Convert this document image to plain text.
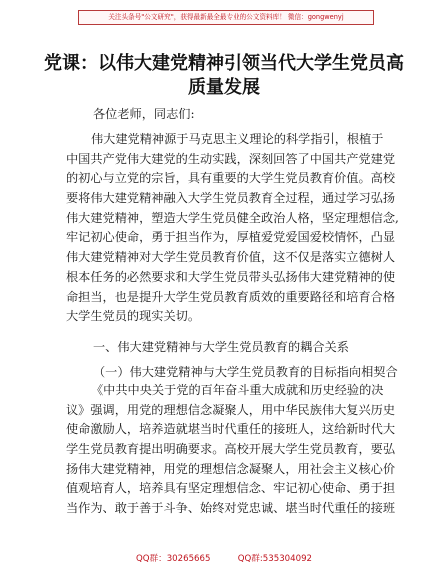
关注头条号"公文研究"，获得最新最全最专业的公文资料库！ 微信：gongwenyj
党课：以伟大建党精神引领当代大学生党员高
质量发展
各位老师，同志们:
伟大建党精神源于马克思主义理论的科学指引，根植于
中国共产党伟大建党的生动实践，深刻回答了中国共产党建党
的初心与立党的宗旨，具有重要的大学生党员教育价值。高校
要将伟大建党精神融入大学生党员教育全过程，通过学习弘扬
伟大建党精神，塑造大学生党员健全政治人格，坚定理想信念,
牢记初心使命，勇于担当作为，厚植爱党爱国爱校情怀，凸显
伟大建党精神对大学生党员教育价值，这不仅是落实立德树人
根本任务的必然要求和大学生党员带头弘扬伟大建党精神的使
命担当，也是提升大学生党员教育质效的重要路径和培育合格
大学生党员的现实关切。
一、伟大建党精神与大学生党员教育的耦合关系
（一）伟大建党精神与大学生党员教育的目标指向相契合
《中共中央关于党的百年奋斗重大成就和历史经验的决
议》强调，用党的理想信念凝聚人，用中华民族伟大复兴历史
使命激励人，培养造就堪当时代重任的接班人，这给新时代大
学生党员教育提出明确要求。高校开展大学生党员教育，要弘
扬伟大建党精神，用党的理想信念凝聚人，用社会主义核心价
值观培育人，培养具有坚定理想信念、牢记初心使命、勇于担
当作为、敢于善于斗争、始终对党忠诚、堪当时代重任的接班
QQ群：30265665          QQ群:535304092
